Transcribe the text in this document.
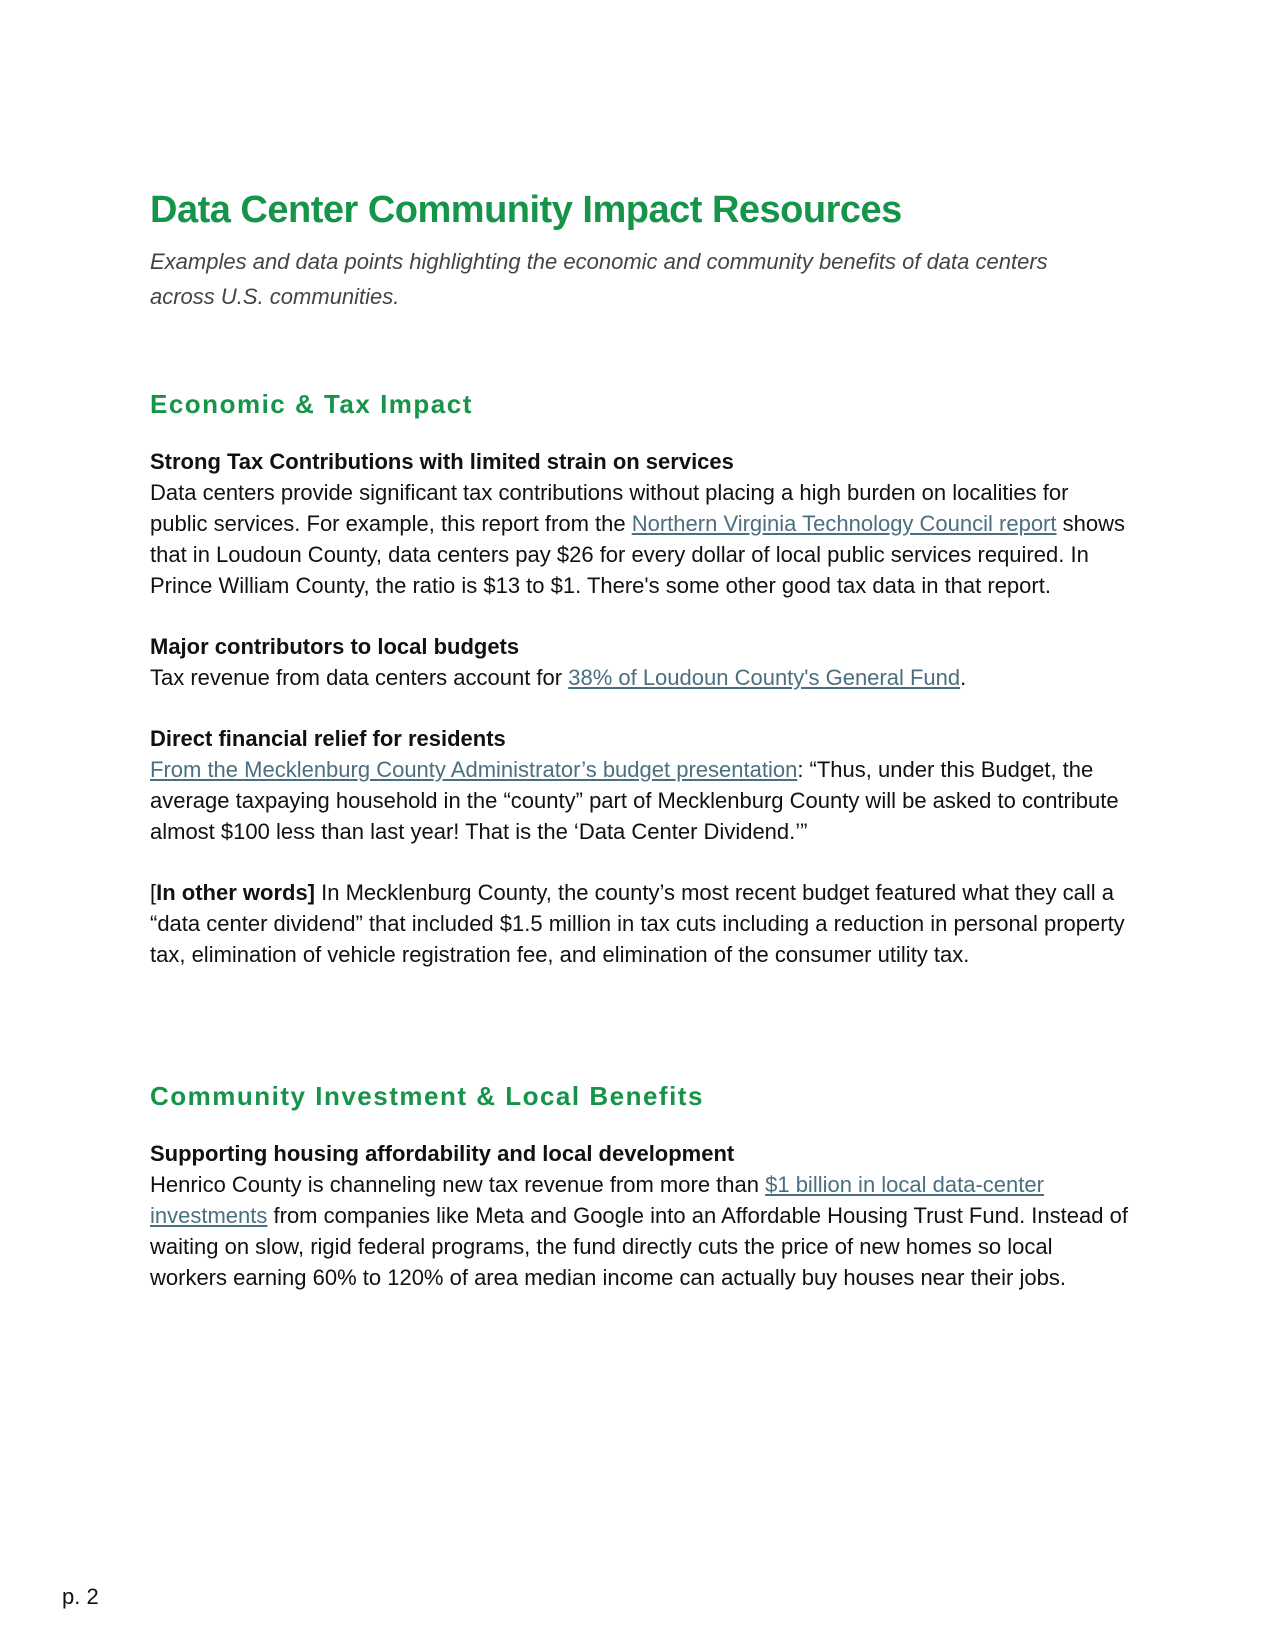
Data Center Community Impact Resources
Examples and data points highlighting the economic and community benefits of data centers across U.S. communities.
Economic & Tax Impact
Strong Tax Contributions with limited strain on services

Data centers provide significant tax contributions without placing a high burden on localities for public services. For example, this report from the Northern Virginia Technology Council report shows that in Loudoun County, data centers pay $26 for every dollar of local public services required. In Prince William County, the ratio is $13 to $1. There's some other good tax data in that report.

Major contributors to local budgets

Tax revenue from data centers account for 38% of Loudoun County's General Fund.

Direct financial relief for residents

From the Mecklenburg County Administrator’s budget presentation: “Thus, under this Budget, the average taxpaying household in the “county” part of Mecklenburg County will be asked to contribute almost $100 less than last year! That is the ‘Data Center Dividend.’”

[In other words] In Mecklenburg County, the county’s most recent budget featured what they call a “data center dividend” that included $1.5 million in tax cuts including a reduction in personal property tax, elimination of vehicle registration fee, and elimination of the consumer utility tax.

Community Investment & Local Benefits
Supporting housing affordability and local development

Henrico County is channeling new tax revenue from more than $1 billion in local data-center investments from companies like Meta and Google into an Affordable Housing Trust Fund. Instead of waiting on slow, rigid federal programs, the fund directly cuts the price of new homes so local workers earning 60% to 120% of area median income can actually buy houses near their jobs.

p. 2
